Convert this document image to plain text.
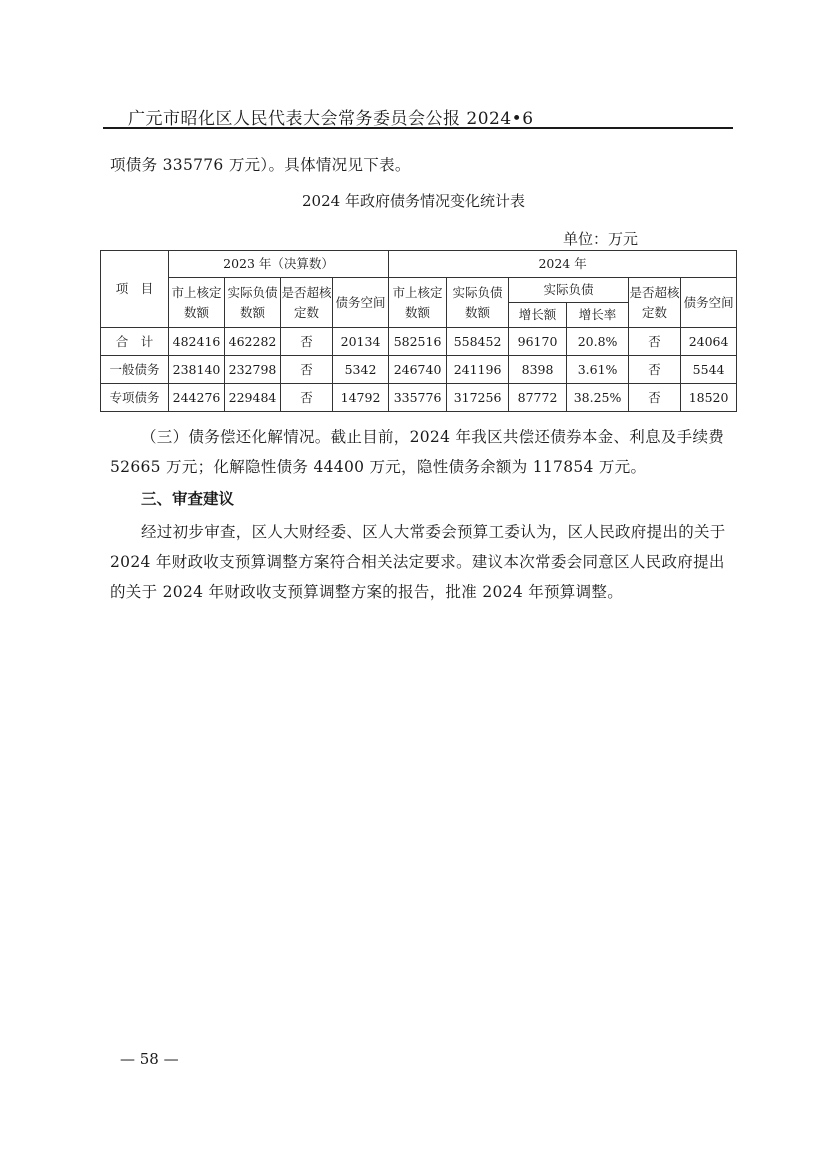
广元市昭化区人民代表大会常务委员会公报 2024•6

项债务 335776 万元）。具体情况见下表。

2024 年政府债务情况变化统计表
单位：万元
项　目	2023 年（决算数）				2024 年					
	市上核定数额	实际负债数额	是否超核定数	债务空间	市上核定数额	实际负债数额	实际负债		是否超核定数	债务空间
							增长额	增长率		
合　计	482416	462282	否	20134	582516	558452	96170	20.8%	否	24064
一般债务	238140	232798	否	5342	246740	241196	8398	3.61%	否	5544
专项债务	244276	229484	否	14792	335776	317256	87772	38.25%	否	18520

（三）债务偿还化解情况。截止目前，2024 年我区共偿还债券本金、利息及手续费 52665 万元；化解隐性债务 44400 万元，隐性债务余额为 117854 万元。

三、审查建议

经过初步审查，区人大财经委、区人大常委会预算工委认为，区人民政府提出的关于 2024 年财政收支预算调整方案符合相关法定要求。建议本次常委会同意区人民政府提出的关于 2024 年财政收支预算调整方案的报告，批准 2024 年预算调整。

— 58 —
